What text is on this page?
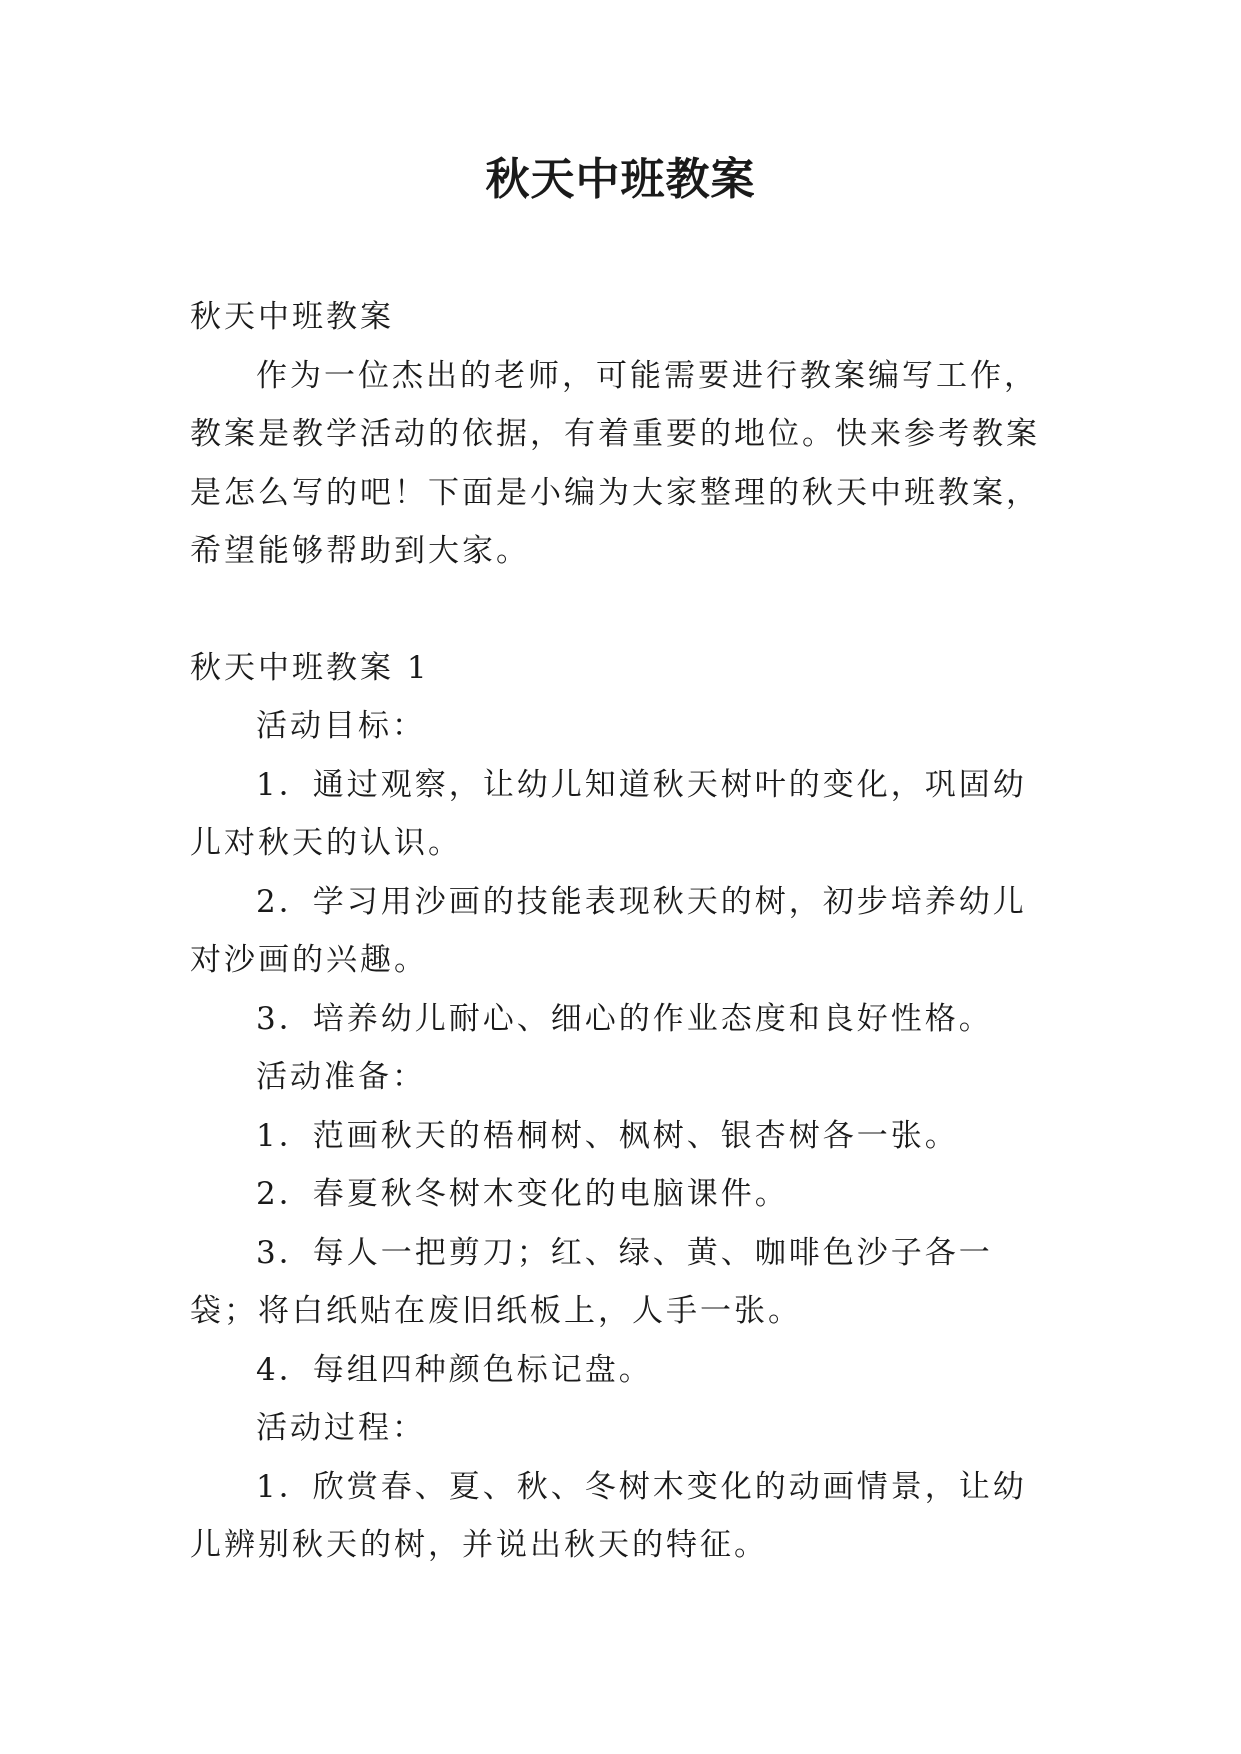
秋天中班教案

秋天中班教案

作为一位杰出的老师，可能需要进行教案编写工作，教案是教学活动的依据，有着重要的地位。快来参考教案是怎么写的吧！下面是小编为大家整理的秋天中班教案，希望能够帮助到大家。

秋天中班教案 1

活动目标：

1．通过观察，让幼儿知道秋天树叶的变化，巩固幼儿对秋天的认识。

2．学习用沙画的技能表现秋天的树，初步培养幼儿对沙画的兴趣。

3．培养幼儿耐心、细心的作业态度和良好性格。

活动准备：

1．范画秋天的梧桐树、枫树、银杏树各一张。

2．春夏秋冬树木变化的电脑课件。

3．每人一把剪刀；红、绿、黄、咖啡色沙子各一袋；将白纸贴在废旧纸板上，人手一张。

4．每组四种颜色标记盘。

活动过程：

1．欣赏春、夏、秋、冬树木变化的动画情景，让幼儿辨别秋天的树，并说出秋天的特征。
